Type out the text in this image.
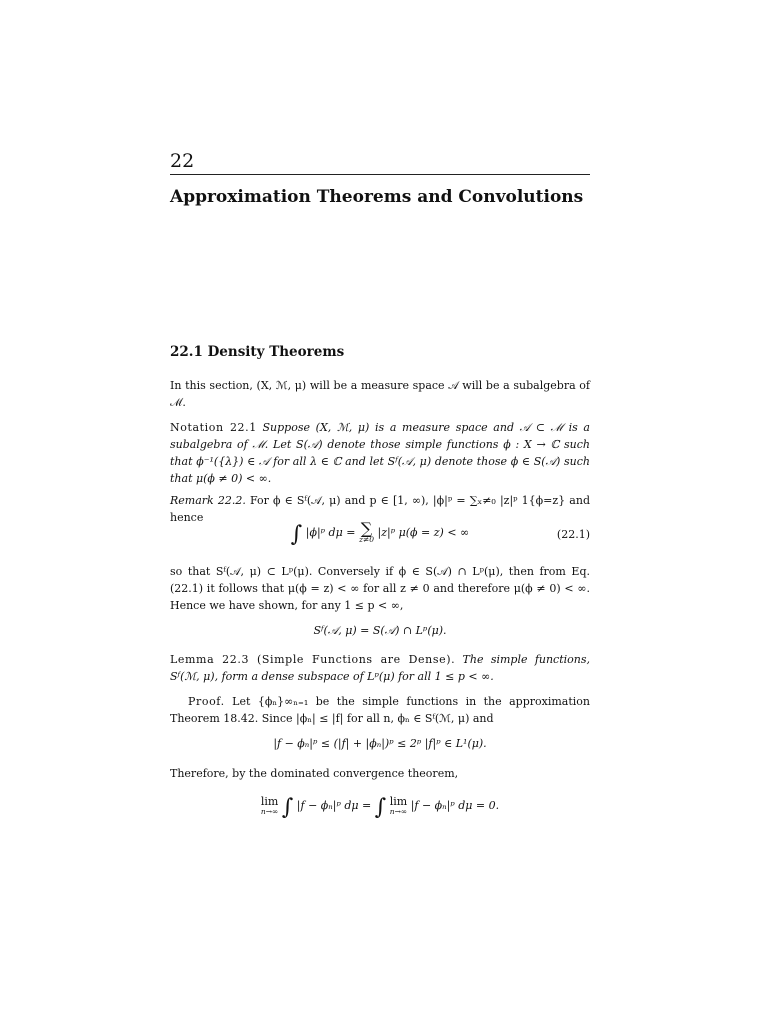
22
Approximation Theorems and Convolutions
22.1 Density Theorems
In this section, (X, ℳ, μ) will be a measure space 𝒜 will be a subalgebra of ℳ.
Notation 22.1 Suppose (X, ℳ, μ) is a measure space and 𝒜 ⊂ ℳ is a subalgebra of ℳ. Let S(𝒜) denote those simple functions ϕ : X → ℂ such that ϕ⁻¹({λ}) ∈ 𝒜 for all λ ∈ ℂ and let Sᶠ(𝒜, μ) denote those ϕ ∈ S(𝒜) such that μ(ϕ ≠ 0) < ∞.
Remark 22.2. For ϕ ∈ Sᶠ(𝒜, μ) and p ∈ [1, ∞), |ϕ|ᵖ = ∑ₓ≠₀ |z|ᵖ 1{ϕ=z} and hence
∫ |ϕ|ᵖ dμ = ∑
z≠0
|z|ᵖ μ(ϕ = z) < ∞	(22.1)
so that Sᶠ(𝒜, μ) ⊂ Lᵖ(μ). Conversely if ϕ ∈ S(𝒜) ∩ Lᵖ(μ), then from Eq. (22.1) it follows that μ(ϕ = z) < ∞ for all z ≠ 0 and therefore μ(ϕ ≠ 0) < ∞. Hence we have shown, for any 1 ≤ p < ∞,
Sᶠ(𝒜, μ) = S(𝒜) ∩ Lᵖ(μ).
Lemma 22.3 (Simple Functions are Dense). The simple functions, Sᶠ(ℳ, μ), form a dense subspace of Lᵖ(μ) for all 1 ≤ p < ∞.
Proof. Let {ϕₙ}∞ₙ₌₁ be the simple functions in the approximation Theorem 18.42. Since |ϕₙ| ≤ |f| for all n, ϕₙ ∈ Sᶠ(ℳ, μ) and
|f − ϕₙ|ᵖ ≤ (|f| + |ϕₙ|)ᵖ ≤ 2ᵖ |f|ᵖ ∈ L¹(μ).
Therefore, by the dominated convergence theorem,
lim
n→∞ ∫ |f − ϕₙ|ᵖ dμ = ∫ lim
n→∞ |f − ϕₙ|ᵖ dμ = 0.
